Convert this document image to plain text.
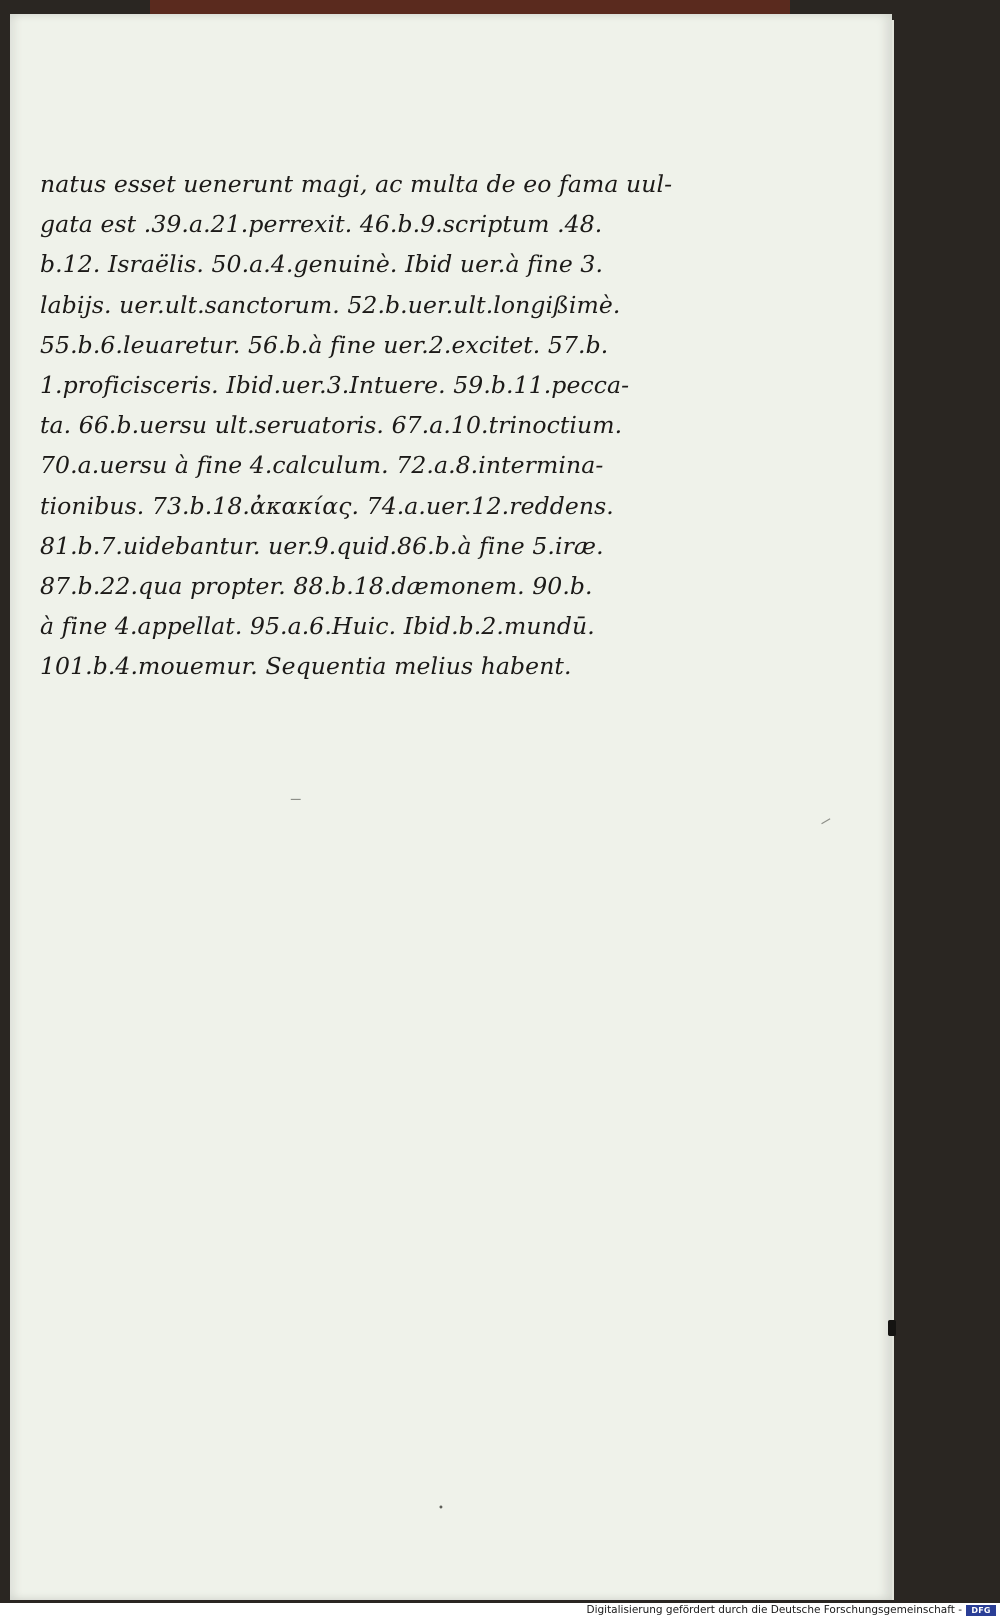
natus esset uenerunt magi, ac multa de eo fama uul-
gata est .39.a.21.perrexit. 46.b.9.scriptum .48.
b.12. Israëlis. 50.a.4.genuinè. Ibid uer.à fine 3.
labijs. uer.ult.sanctorum. 52.b.uer.ult.longißimè.
55.b.6.leuaretur. 56.b.à fine uer.2.excitet. 57.b.
1.proficisceris. Ibid.uer.3.Intuere. 59.b.11.pecca-
ta. 66.b.uersu ult.seruatoris. 67.a.10.trinoctium.
70.a.uersu à fine 4.calculum. 72.a.8.intermina-
tionibus. 73.b.18.ἀκακίας. 74.a.uer.12.reddens.
81.b.7.uidebantur. uer.9.quid.86.b.à fine 5.iræ.
87.b.22.qua propter. 88.b.18.dæmonem. 90.b.
à fine 4.appellat. 95.a.6.Huic. Ibid.b.2.mundū.
101.b.4.mouemur. Sequentia melius habent.
‒
‒
•
Digitalisierung gefördert durch die Deutsche Forschungsgemeinschaft -	DFG
